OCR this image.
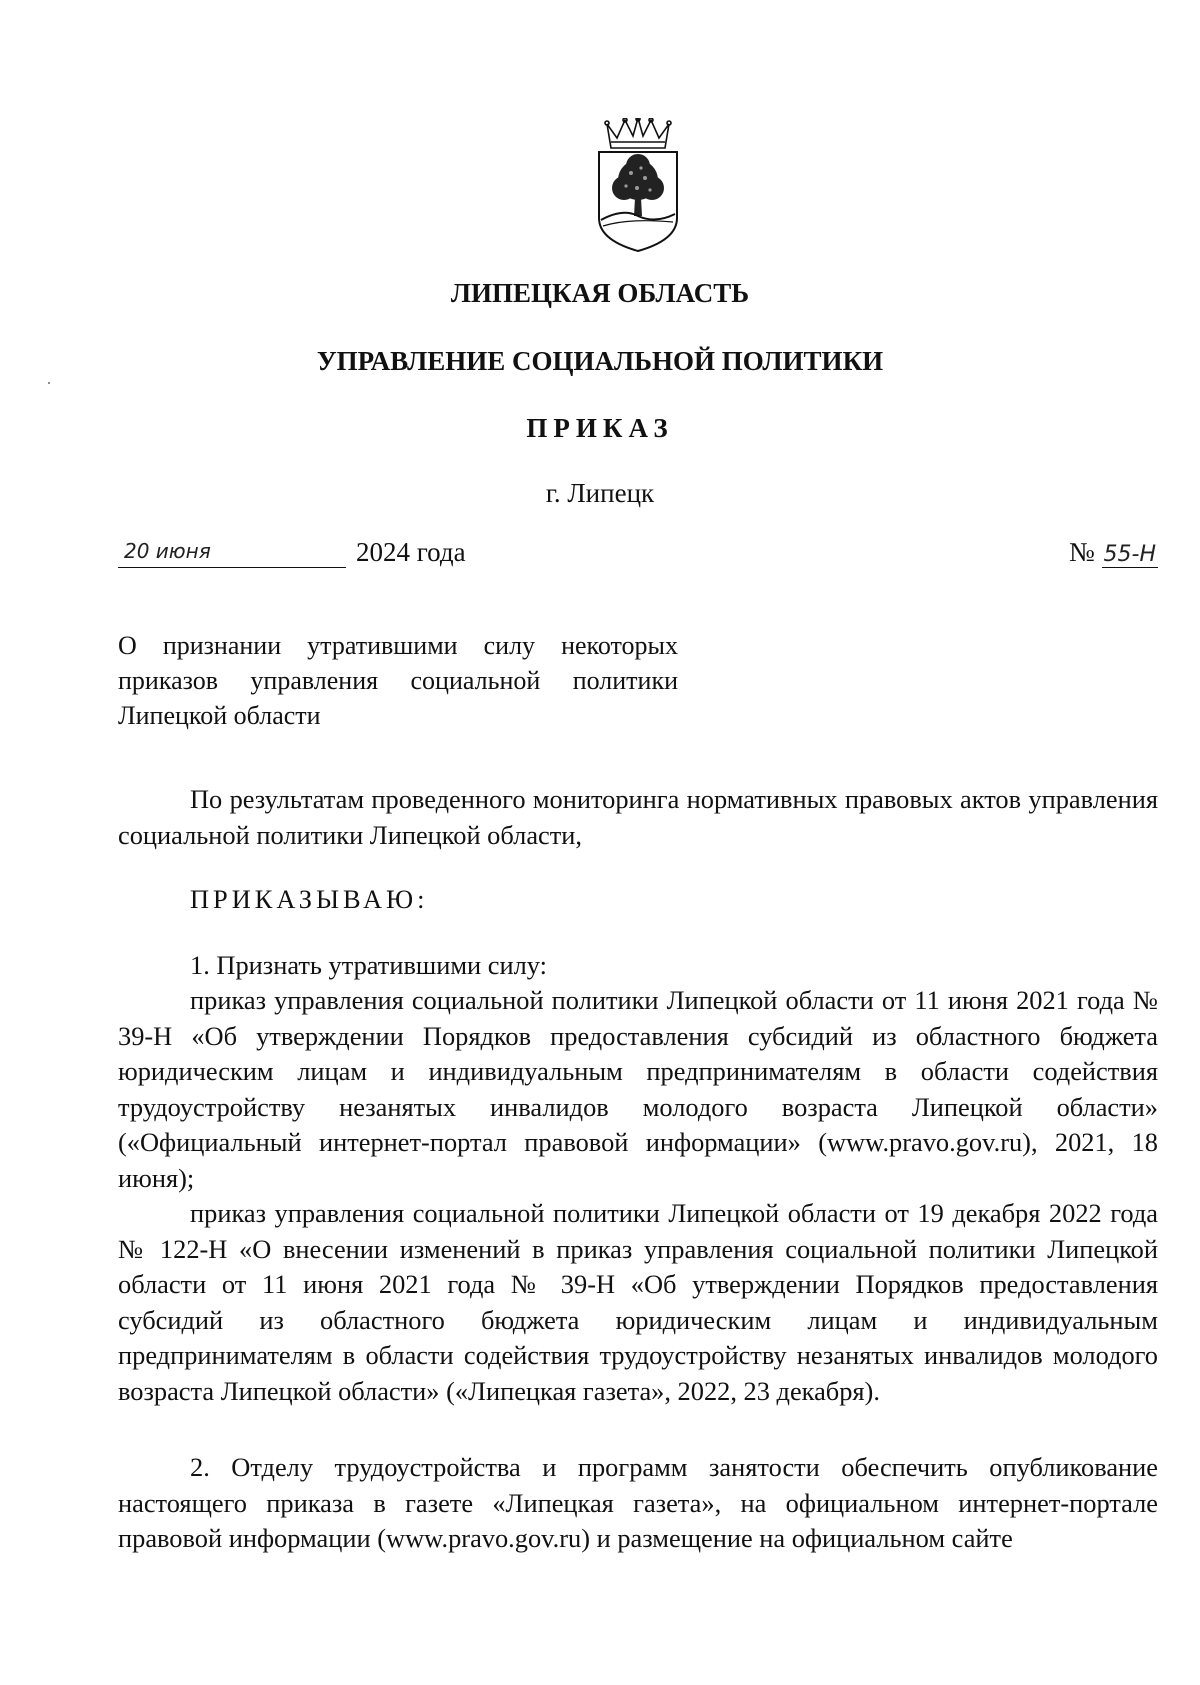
ЛИПЕЦКАЯ ОБЛАСТЬ
УПРАВЛЕНИЕ СОЦИАЛЬНОЙ ПОЛИТИКИ
ПРИКАЗ
г. Липецк
20 июня	2024 года	№ 55-Н
О признании утратившими силу некоторых приказов управления социальной политики Липецкой области
По результатам проведенного мониторинга нормативных правовых актов управления социальной политики Липецкой области,
ПРИКАЗЫВАЮ:
1. Признать утратившими силу:

приказ управления социальной политики Липецкой области от 11 июня 2021 года № 39-Н «Об утверждении Порядков предоставления субсидий из областного бюджета юридическим лицам и индивидуальным предпринимателям в области содействия трудоустройству незанятых инвалидов молодого возраста Липецкой области» («Официальный интернет-портал правовой информации» (www.pravo.gov.ru), 2021, 18 июня);

приказ управления социальной политики Липецкой области от 19 декабря 2022 года № 122-Н «О внесении изменений в приказ управления социальной политики Липецкой области от 11 июня 2021 года № 39-Н «Об утверждении Порядков предоставления субсидий из областного бюджета юридическим лицам и индивидуальным предпринимателям в области содействия трудоустройству незанятых инвалидов молодого возраста Липецкой области» («Липецкая газета», 2022, 23 декабря).

2. Отделу трудоустройства и программ занятости обеспечить опубликование настоящего приказа в газете «Липецкая газета», на официальном интернет-портале правовой информации (www.pravo.gov.ru) и размещение на официальном сайте
